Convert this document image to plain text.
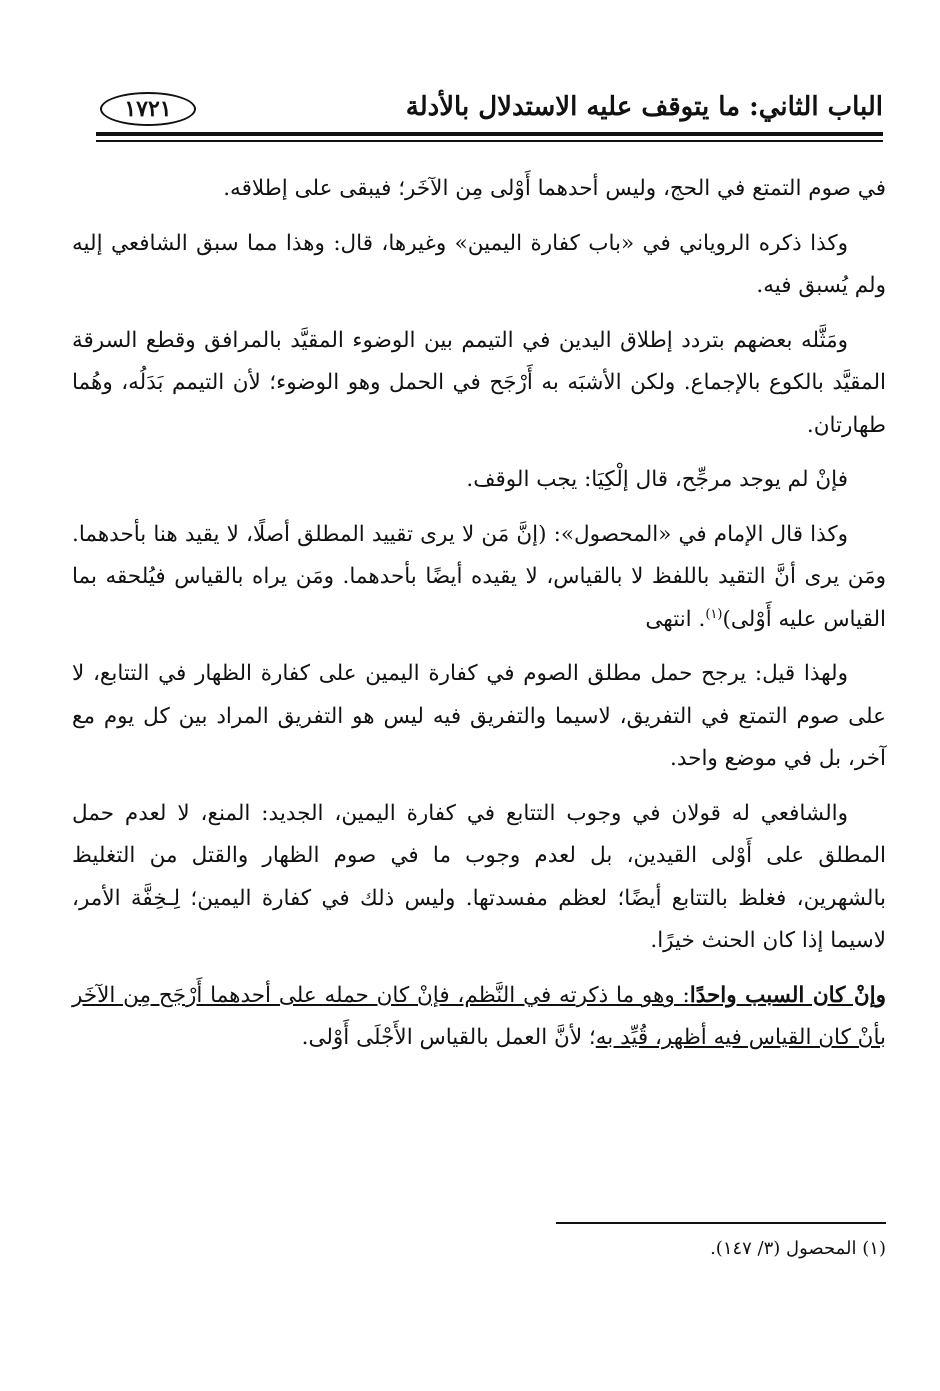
الباب الثاني: ما يتوقف عليه الاستدلال بالأدلة
١٧٢١

في صوم التمتع في الحج، وليس أحدهما أَوْلى مِن الآخَر؛ فيبقى على إطلاقه.

وكذا ذكره الروياني في «باب كفارة اليمين» وغيرها، قال: وهذا مما سبق الشافعي إليه ولم يُسبق فيه.

ومَثَّله بعضهم بتردد إطلاق اليدين في التيمم بين الوضوء المقيَّد بالمرافق وقطع السرقة المقيَّد بالكوع بالإجماع. ولكن الأشبَه به أَرْجَح في الحمل وهو الوضوء؛ لأن التيمم بَدَلُه، وهُما طهارتان.

فإنْ لم يوجد مرجِّح، قال إلْكِيَا: يجب الوقف.

وكذا قال الإمام في «المحصول»: (إنَّ مَن لا يرى تقييد المطلق أصلًا، لا يقيد هنا بأحدهما. ومَن يرى أنَّ التقيد باللفظ لا بالقياس، لا يقيده أيضًا بأحدهما. ومَن يراه بالقياس فيُلحقه بما القياس عليه أَوْلى)$^{(١)}$. انتهى

ولهذا قيل: يرجح حمل مطلق الصوم في كفارة اليمين على كفارة الظهار في التتابع، لا على صوم التمتع في التفريق، لاسيما والتفريق فيه ليس هو التفريق المراد بين كل يوم مع آخر، بل في موضع واحد.

والشافعي له قولان في وجوب التتابع في كفارة اليمين، الجديد: المنع، لا لعدم حمل المطلق على أَوْلى القيدين، بل لعدم وجوب ما في صوم الظهار والقتل من التغليظ بالشهرين، فغلظ بالتتابع أيضًا؛ لعظم مفسدتها. وليس ذلك في كفارة اليمين؛ لِـخِفَّة الأمر، لاسيما إذا كان الحنث خيرًا.

وإنْ كان السبب واحدًا: وهو ما ذكرته في النَّظم، فإنْ كان حمله على أحدهما أَرْجَح مِن الآخَر بأنْ كان القياس فيه أظهر، قُيِّد به؛ لأنَّ العمل بالقياس الأَجْلَى أَوْلى.

(١) المحصول (٣/ ١٤٧).
